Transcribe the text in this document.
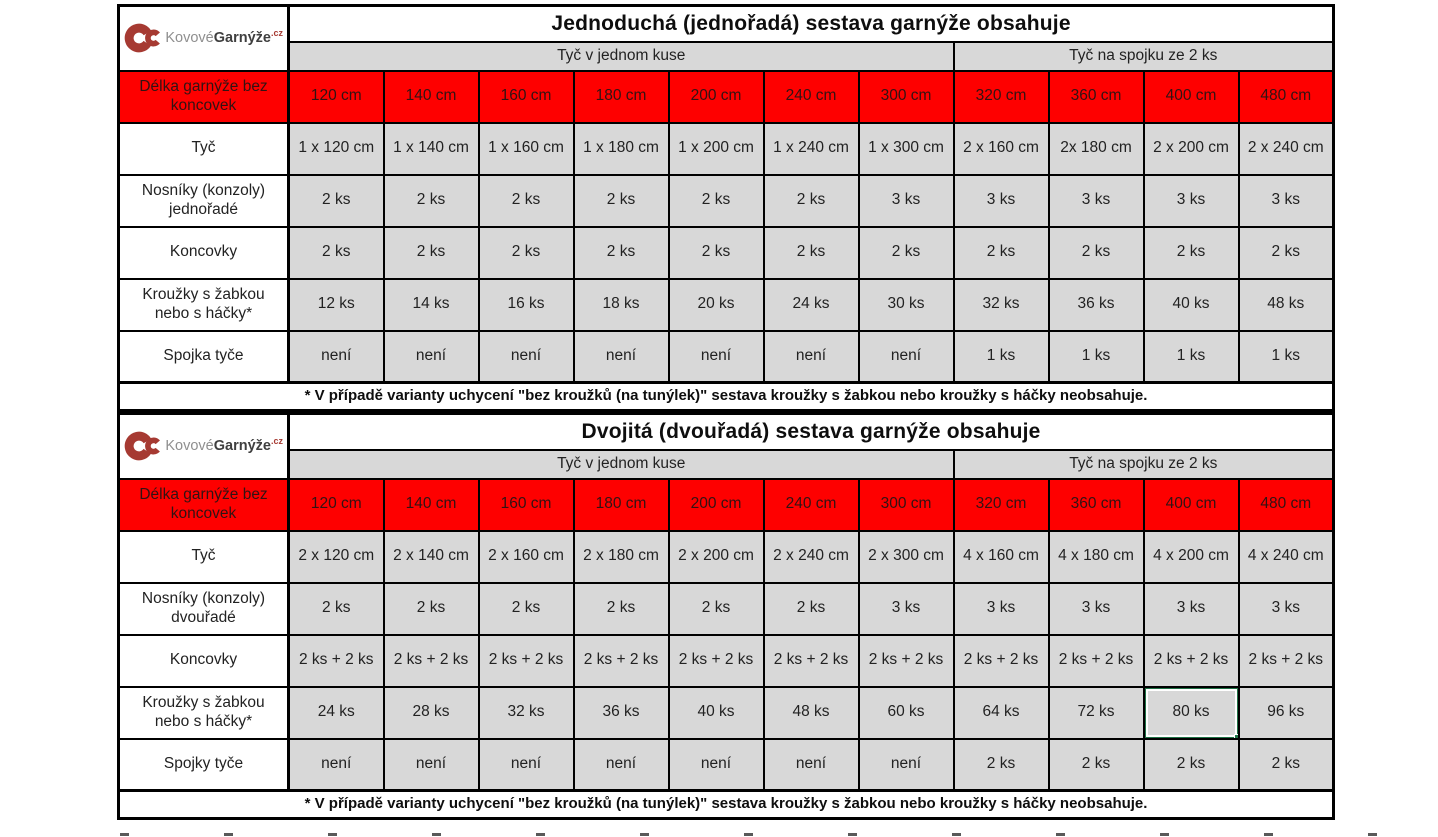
KovovéGarnýže$^{.cz}$	Jednoduchá (jednořadá) sestava garnýže obsahuje										
	Tyč v jednom kuse							Tyč na spojku ze 2 ks			
Délka garnýže bez koncovek	120 cm	140 cm	160 cm	180 cm	200 cm	240 cm	300 cm	320 cm	360 cm	400 cm	480 cm
Tyč	1 x 120 cm	1 x 140 cm	1 x 160 cm	1 x 180 cm	1 x 200 cm	1 x 240 cm	1 x 300 cm	2 x 160 cm	2x 180 cm	2 x 200 cm	2 x 240 cm
Nosníky (konzoly) jednořadé	2 ks	2 ks	2 ks	2 ks	2 ks	2 ks	3 ks	3 ks	3 ks	3 ks	3 ks
Koncovky	2 ks	2 ks	2 ks	2 ks	2 ks	2 ks	2 ks	2 ks	2 ks	2 ks	2 ks
Kroužky s žabkou nebo s háčky*	12 ks	14 ks	16 ks	18 ks	20 ks	24 ks	30 ks	32 ks	36 ks	40 ks	48 ks
Spojka tyče	není	není	není	není	není	není	není	1 ks	1 ks	1 ks	1 ks
* V případě varianty uchycení "bez kroužků (na tunýlek)" sestava kroužky s žabkou nebo kroužky s háčky neobsahuje.											
KovovéGarnýže$^{.cz}$	Dvojitá (dvouřadá) sestava garnýže obsahuje										
	Tyč v jednom kuse							Tyč na spojku ze 2 ks			
Délka garnýže bez koncovek	120 cm	140 cm	160 cm	180 cm	200 cm	240 cm	300 cm	320 cm	360 cm	400 cm	480 cm
Tyč	2 x 120 cm	2 x 140 cm	2 x 160 cm	2 x 180 cm	2 x 200 cm	2 x 240 cm	2 x 300 cm	4 x 160 cm	4 x 180 cm	4 x 200 cm	4 x 240 cm
Nosníky (konzoly) dvouřadé	2 ks	2 ks	2 ks	2 ks	2 ks	2 ks	3 ks	3 ks	3 ks	3 ks	3 ks
Koncovky	2 ks + 2 ks	2 ks + 2 ks	2 ks + 2 ks	2 ks + 2 ks	2 ks + 2 ks	2 ks + 2 ks	2 ks + 2 ks	2 ks + 2 ks	2 ks + 2 ks	2 ks + 2 ks	2 ks + 2 ks
Kroužky s žabkou nebo s háčky*	24 ks	28 ks	32 ks	36 ks	40 ks	48 ks	60 ks	64 ks	72 ks	80 ks	96 ks
Spojky tyče	není	není	není	není	není	není	není	2 ks	2 ks	2 ks	2 ks
* V případě varianty uchycení "bez kroužků (na tunýlek)" sestava kroužky s žabkou nebo kroužky s háčky neobsahuje.											
